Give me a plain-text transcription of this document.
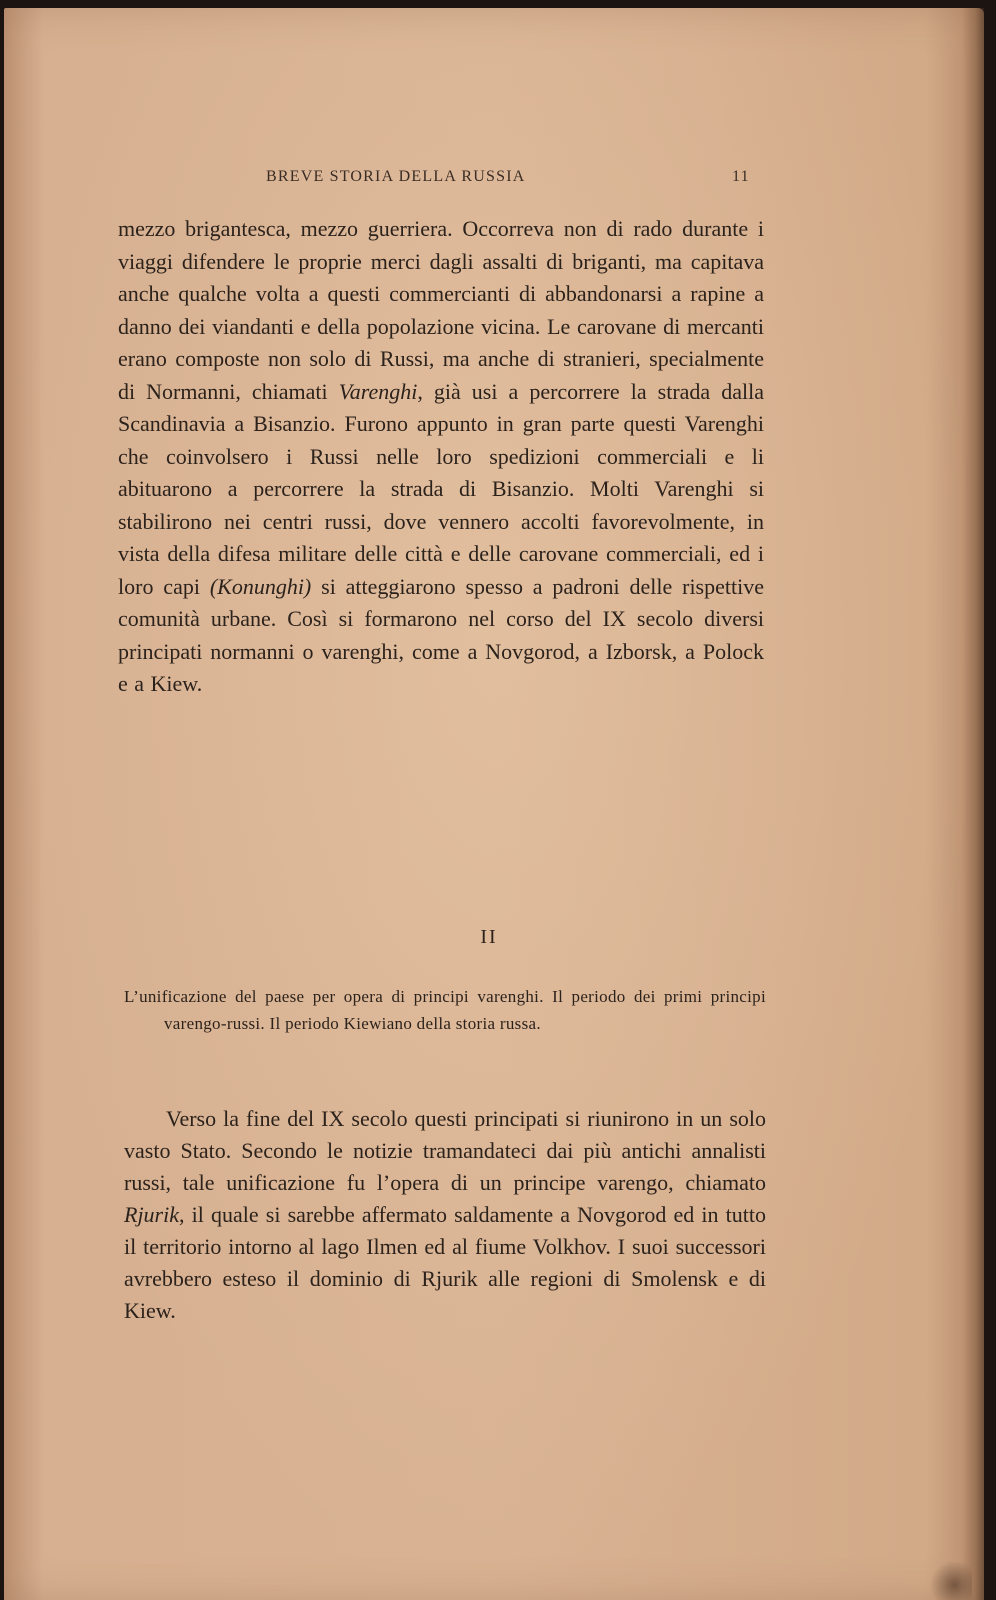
BREVE STORIA DELLA RUSSIA	11

mezzo brigantesca, mezzo guerriera. Occorreva non di rado durante i viaggi difendere le proprie merci dagli assalti di briganti, ma capitava anche qualche volta a questi commercianti di abbandonarsi a rapine a danno dei viandanti e della popolazione vicina. Le carovane di mercanti erano composte non solo di Russi, ma anche di stranieri, specialmente di Normanni, chiamati Varenghi, già usi a percorrere la strada dalla Scandinavia a Bisanzio. Furono appunto in gran parte questi Varenghi che coinvolsero i Russi nelle loro spedizioni commerciali e li abituarono a percorrere la strada di Bisanzio. Molti Varenghi si stabilirono nei centri russi, dove vennero accolti favorevolmente, in vista della difesa militare delle città e delle carovane commerciali, ed i loro capi (Konunghi) si atteggiarono spesso a padroni delle rispettive comunità urbane. Così si formarono nel corso del IX secolo diversi principati normanni o varenghi, come a Novgorod, a Izborsk, a Polock e a Kiew.

II

L’unificazione del paese per opera di principi varenghi. Il periodo dei primi principi varengo-russi. Il periodo Kiewiano della storia russa.

Verso la fine del IX secolo questi principati si riunirono in un solo vasto Stato. Secondo le notizie tramandateci dai più antichi annalisti russi, tale unificazione fu l’opera di un principe varengo, chiamato Rjurik, il quale si sarebbe affermato saldamente a Novgorod ed in tutto il territorio intorno al lago Ilmen ed al fiume Volkhov. I suoi successori avrebbero esteso il dominio di Rjurik alle regioni di Smolensk e di Kiew.
